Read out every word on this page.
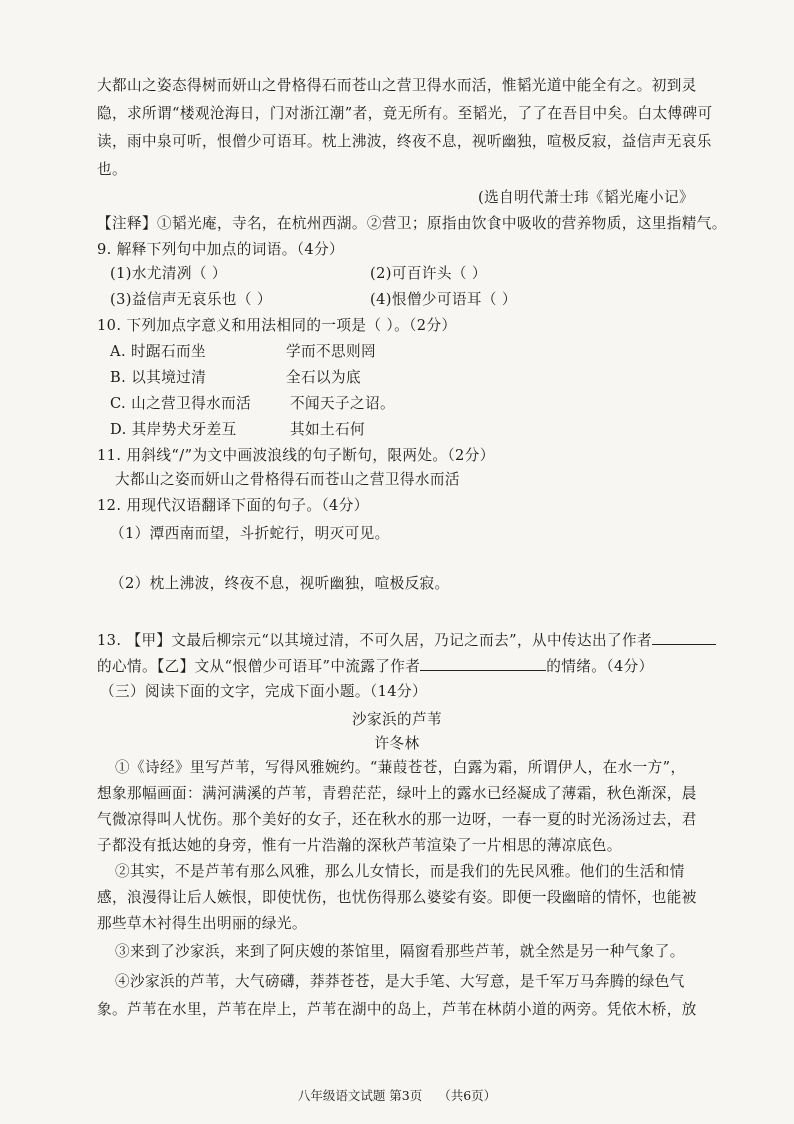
大都山之姿态得树而妍山之骨格得石而苍山之营卫得水而活，惟韬光道中能全有之。初到灵
隐，求所谓“楼观沧海日，门对浙江潮”者，竟无所有。至韬光，了了在吾目中矣。白太傅碑可
读，雨中泉可听，恨僧少可语耳。枕上沸波，终夜不息，视听幽独，喧极反寂，益信声无哀乐
也。
(选自明代萧士玮《韬光庵小记》
【注释】①韬光庵，寺名，在杭州西湖。②营卫；原指由饮食中吸收的营养物质，这里指精气。
9. 解释下列句中加点的词语。（4分）
(1)水尤清冽（ ）	(2)可百许头（ ）
(3)益信声无哀乐也（ ）	(4)恨僧少可语耳（ ）
10. 下列加点字意义和用法相同的一项是（ ）。（2分）
A. 时踞石而坐	学而不思则罔
B. 以其境过清	全石以为底
C. 山之营卫得水而活	不闻天子之诏。
D. 其岸势犬牙差互	其如土石何
11. 用斜线“/”为文中画波浪线的句子断句，限两处。（2分）
大都山之姿而妍山之骨格得石而苍山之营卫得水而活
12. 用现代汉语翻译下面的句子。（4分）
（1）潭西南而望，斗折蛇行，明灭可见。
（2）枕上沸波，终夜不息，视听幽独，喧极反寂。
13. 【甲】文最后柳宗元“以其境过清，不可久居，乃记之而去”，从中传达出了作者
的心情。【乙】文从“恨僧少可语耳”中流露了作者	的情绪。（4分）
（三）阅读下面的文字，完成下面小题。（14分）
沙家浜的芦苇
许冬林
①《诗经》里写芦苇，写得风雅婉约。“蒹葭苍苍，白露为霜，所谓伊人，在水一方”，
想象那幅画面：满河满溪的芦苇，青碧茫茫，绿叶上的露水已经凝成了薄霜，秋色渐深，晨
气微凉得叫人忧伤。那个美好的女子，还在秋水的那一边呀，一春一夏的时光汤汤过去，君
子都没有抵达她的身旁，惟有一片浩瀚的深秋芦苇渲染了一片相思的薄凉底色。
②其实，不是芦苇有那么风雅，那么儿女情长，而是我们的先民风雅。他们的生活和情
感，浪漫得让后人嫉恨，即使忧伤，也忧伤得那么婆娑有姿。即便一段幽暗的情怀，也能被
那些草木衬得生出明丽的绿光。
③来到了沙家浜，来到了阿庆嫂的茶馆里，隔窗看那些芦苇，就全然是另一种气象了。
④沙家浜的芦苇，大气磅礴，莽莽苍苍，是大手笔、大写意，是千军万马奔腾的绿色气
象。芦苇在水里，芦苇在岸上，芦苇在湖中的岛上，芦苇在林荫小道的两旁。凭依木桥，放
八年级语文试题 第3页 （共6页）
